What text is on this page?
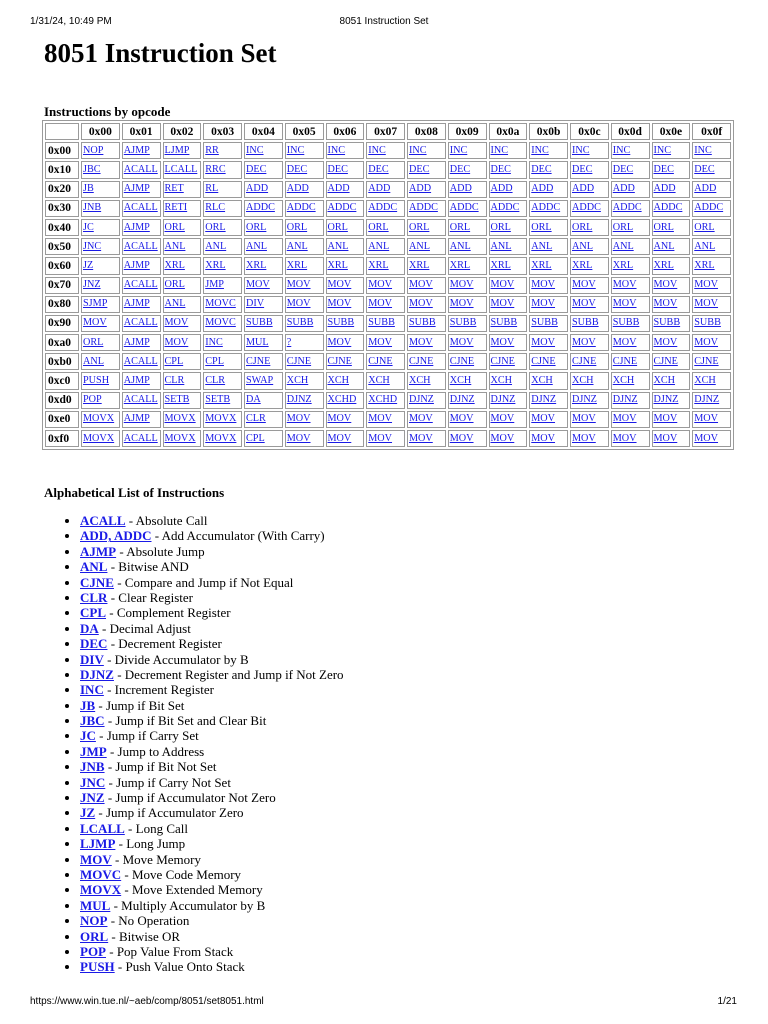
1/31/24, 10:49 PM	8051 Instruction Set
8051 Instruction Set
Instructions by opcode
	0x00	0x01	0x02	0x03	0x04	0x05	0x06	0x07	0x08	0x09	0x0a	0x0b	0x0c	0x0d	0x0e	0x0f
0x00	NOP	AJMP	LJMP	RR	INC	INC	INC	INC	INC	INC	INC	INC	INC	INC	INC	INC
0x10	JBC	ACALL	LCALL	RRC	DEC	DEC	DEC	DEC	DEC	DEC	DEC	DEC	DEC	DEC	DEC	DEC
0x20	JB	AJMP	RET	RL	ADD	ADD	ADD	ADD	ADD	ADD	ADD	ADD	ADD	ADD	ADD	ADD
0x30	JNB	ACALL	RETI	RLC	ADDC	ADDC	ADDC	ADDC	ADDC	ADDC	ADDC	ADDC	ADDC	ADDC	ADDC	ADDC
0x40	JC	AJMP	ORL	ORL	ORL	ORL	ORL	ORL	ORL	ORL	ORL	ORL	ORL	ORL	ORL	ORL
0x50	JNC	ACALL	ANL	ANL	ANL	ANL	ANL	ANL	ANL	ANL	ANL	ANL	ANL	ANL	ANL	ANL
0x60	JZ	AJMP	XRL	XRL	XRL	XRL	XRL	XRL	XRL	XRL	XRL	XRL	XRL	XRL	XRL	XRL
0x70	JNZ	ACALL	ORL	JMP	MOV	MOV	MOV	MOV	MOV	MOV	MOV	MOV	MOV	MOV	MOV	MOV
0x80	SJMP	AJMP	ANL	MOVC	DIV	MOV	MOV	MOV	MOV	MOV	MOV	MOV	MOV	MOV	MOV	MOV
0x90	MOV	ACALL	MOV	MOVC	SUBB	SUBB	SUBB	SUBB	SUBB	SUBB	SUBB	SUBB	SUBB	SUBB	SUBB	SUBB
0xa0	ORL	AJMP	MOV	INC	MUL	?	MOV	MOV	MOV	MOV	MOV	MOV	MOV	MOV	MOV	MOV
0xb0	ANL	ACALL	CPL	CPL	CJNE	CJNE	CJNE	CJNE	CJNE	CJNE	CJNE	CJNE	CJNE	CJNE	CJNE	CJNE
0xc0	PUSH	AJMP	CLR	CLR	SWAP	XCH	XCH	XCH	XCH	XCH	XCH	XCH	XCH	XCH	XCH	XCH
0xd0	POP	ACALL	SETB	SETB	DA	DJNZ	XCHD	XCHD	DJNZ	DJNZ	DJNZ	DJNZ	DJNZ	DJNZ	DJNZ	DJNZ
0xe0	MOVX	AJMP	MOVX	MOVX	CLR	MOV	MOV	MOV	MOV	MOV	MOV	MOV	MOV	MOV	MOV	MOV
0xf0	MOVX	ACALL	MOVX	MOVX	CPL	MOV	MOV	MOV	MOV	MOV	MOV	MOV	MOV	MOV	MOV	MOV
Alphabetical List of Instructions
• ACALL - Absolute Call
• ADD, ADDC - Add Accumulator (With Carry)
• AJMP - Absolute Jump
• ANL - Bitwise AND
• CJNE - Compare and Jump if Not Equal
• CLR - Clear Register
• CPL - Complement Register
• DA - Decimal Adjust
• DEC - Decrement Register
• DIV - Divide Accumulator by B
• DJNZ - Decrement Register and Jump if Not Zero
• INC - Increment Register
• JB - Jump if Bit Set
• JBC - Jump if Bit Set and Clear Bit
• JC - Jump if Carry Set
• JMP - Jump to Address
• JNB - Jump if Bit Not Set
• JNC - Jump if Carry Not Set
• JNZ - Jump if Accumulator Not Zero
• JZ - Jump if Accumulator Zero
• LCALL - Long Call
• LJMP - Long Jump
• MOV - Move Memory
• MOVC - Move Code Memory
• MOVX - Move Extended Memory
• MUL - Multiply Accumulator by B
• NOP - No Operation
• ORL - Bitwise OR
• POP - Pop Value From Stack
• PUSH - Push Value Onto Stack
https://www.win.tue.nl/~aeb/comp/8051/set8051.html	1/21
